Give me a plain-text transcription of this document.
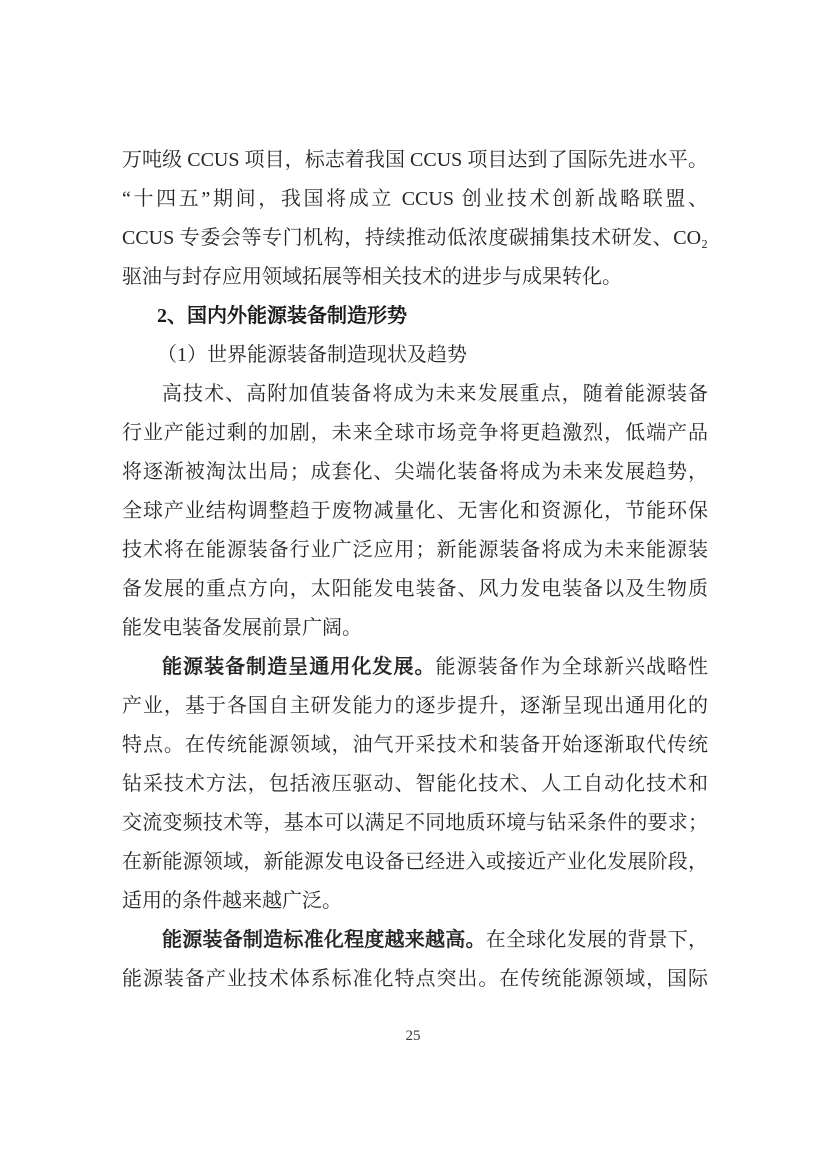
万吨级 CCUS 项目，标志着我国 CCUS 项目达到了国际先进水平。
“十四五”期间，我国将成立 CCUS 创业技术创新战略联盟、
CCUS 专委会等专门机构，持续推动低浓度碳捕集技术研发、CO₂
驱油与封存应用领域拓展等相关技术的进步与成果转化。
2、国内外能源装备制造形势
（1）世界能源装备制造现状及趋势
高技术、高附加值装备将成为未来发展重点，随着能源装备
行业产能过剩的加剧，未来全球市场竞争将更趋激烈，低端产品
将逐渐被淘汰出局；成套化、尖端化装备将成为未来发展趋势，
全球产业结构调整趋于废物减量化、无害化和资源化，节能环保
技术将在能源装备行业广泛应用；新能源装备将成为未来能源装
备发展的重点方向，太阳能发电装备、风力发电装备以及生物质
能发电装备发展前景广阔。
能源装备制造呈通用化发展。能源装备作为全球新兴战略性
产业，基于各国自主研发能力的逐步提升，逐渐呈现出通用化的
特点。在传统能源领域，油气开采技术和装备开始逐渐取代传统
钻采技术方法，包括液压驱动、智能化技术、人工自动化技术和
交流变频技术等，基本可以满足不同地质环境与钻采条件的要求；
在新能源领域，新能源发电设备已经进入或接近产业化发展阶段，
适用的条件越来越广泛。
能源装备制造标准化程度越来越高。在全球化发展的背景下，
能源装备产业技术体系标准化特点突出。在传统能源领域，国际
25
